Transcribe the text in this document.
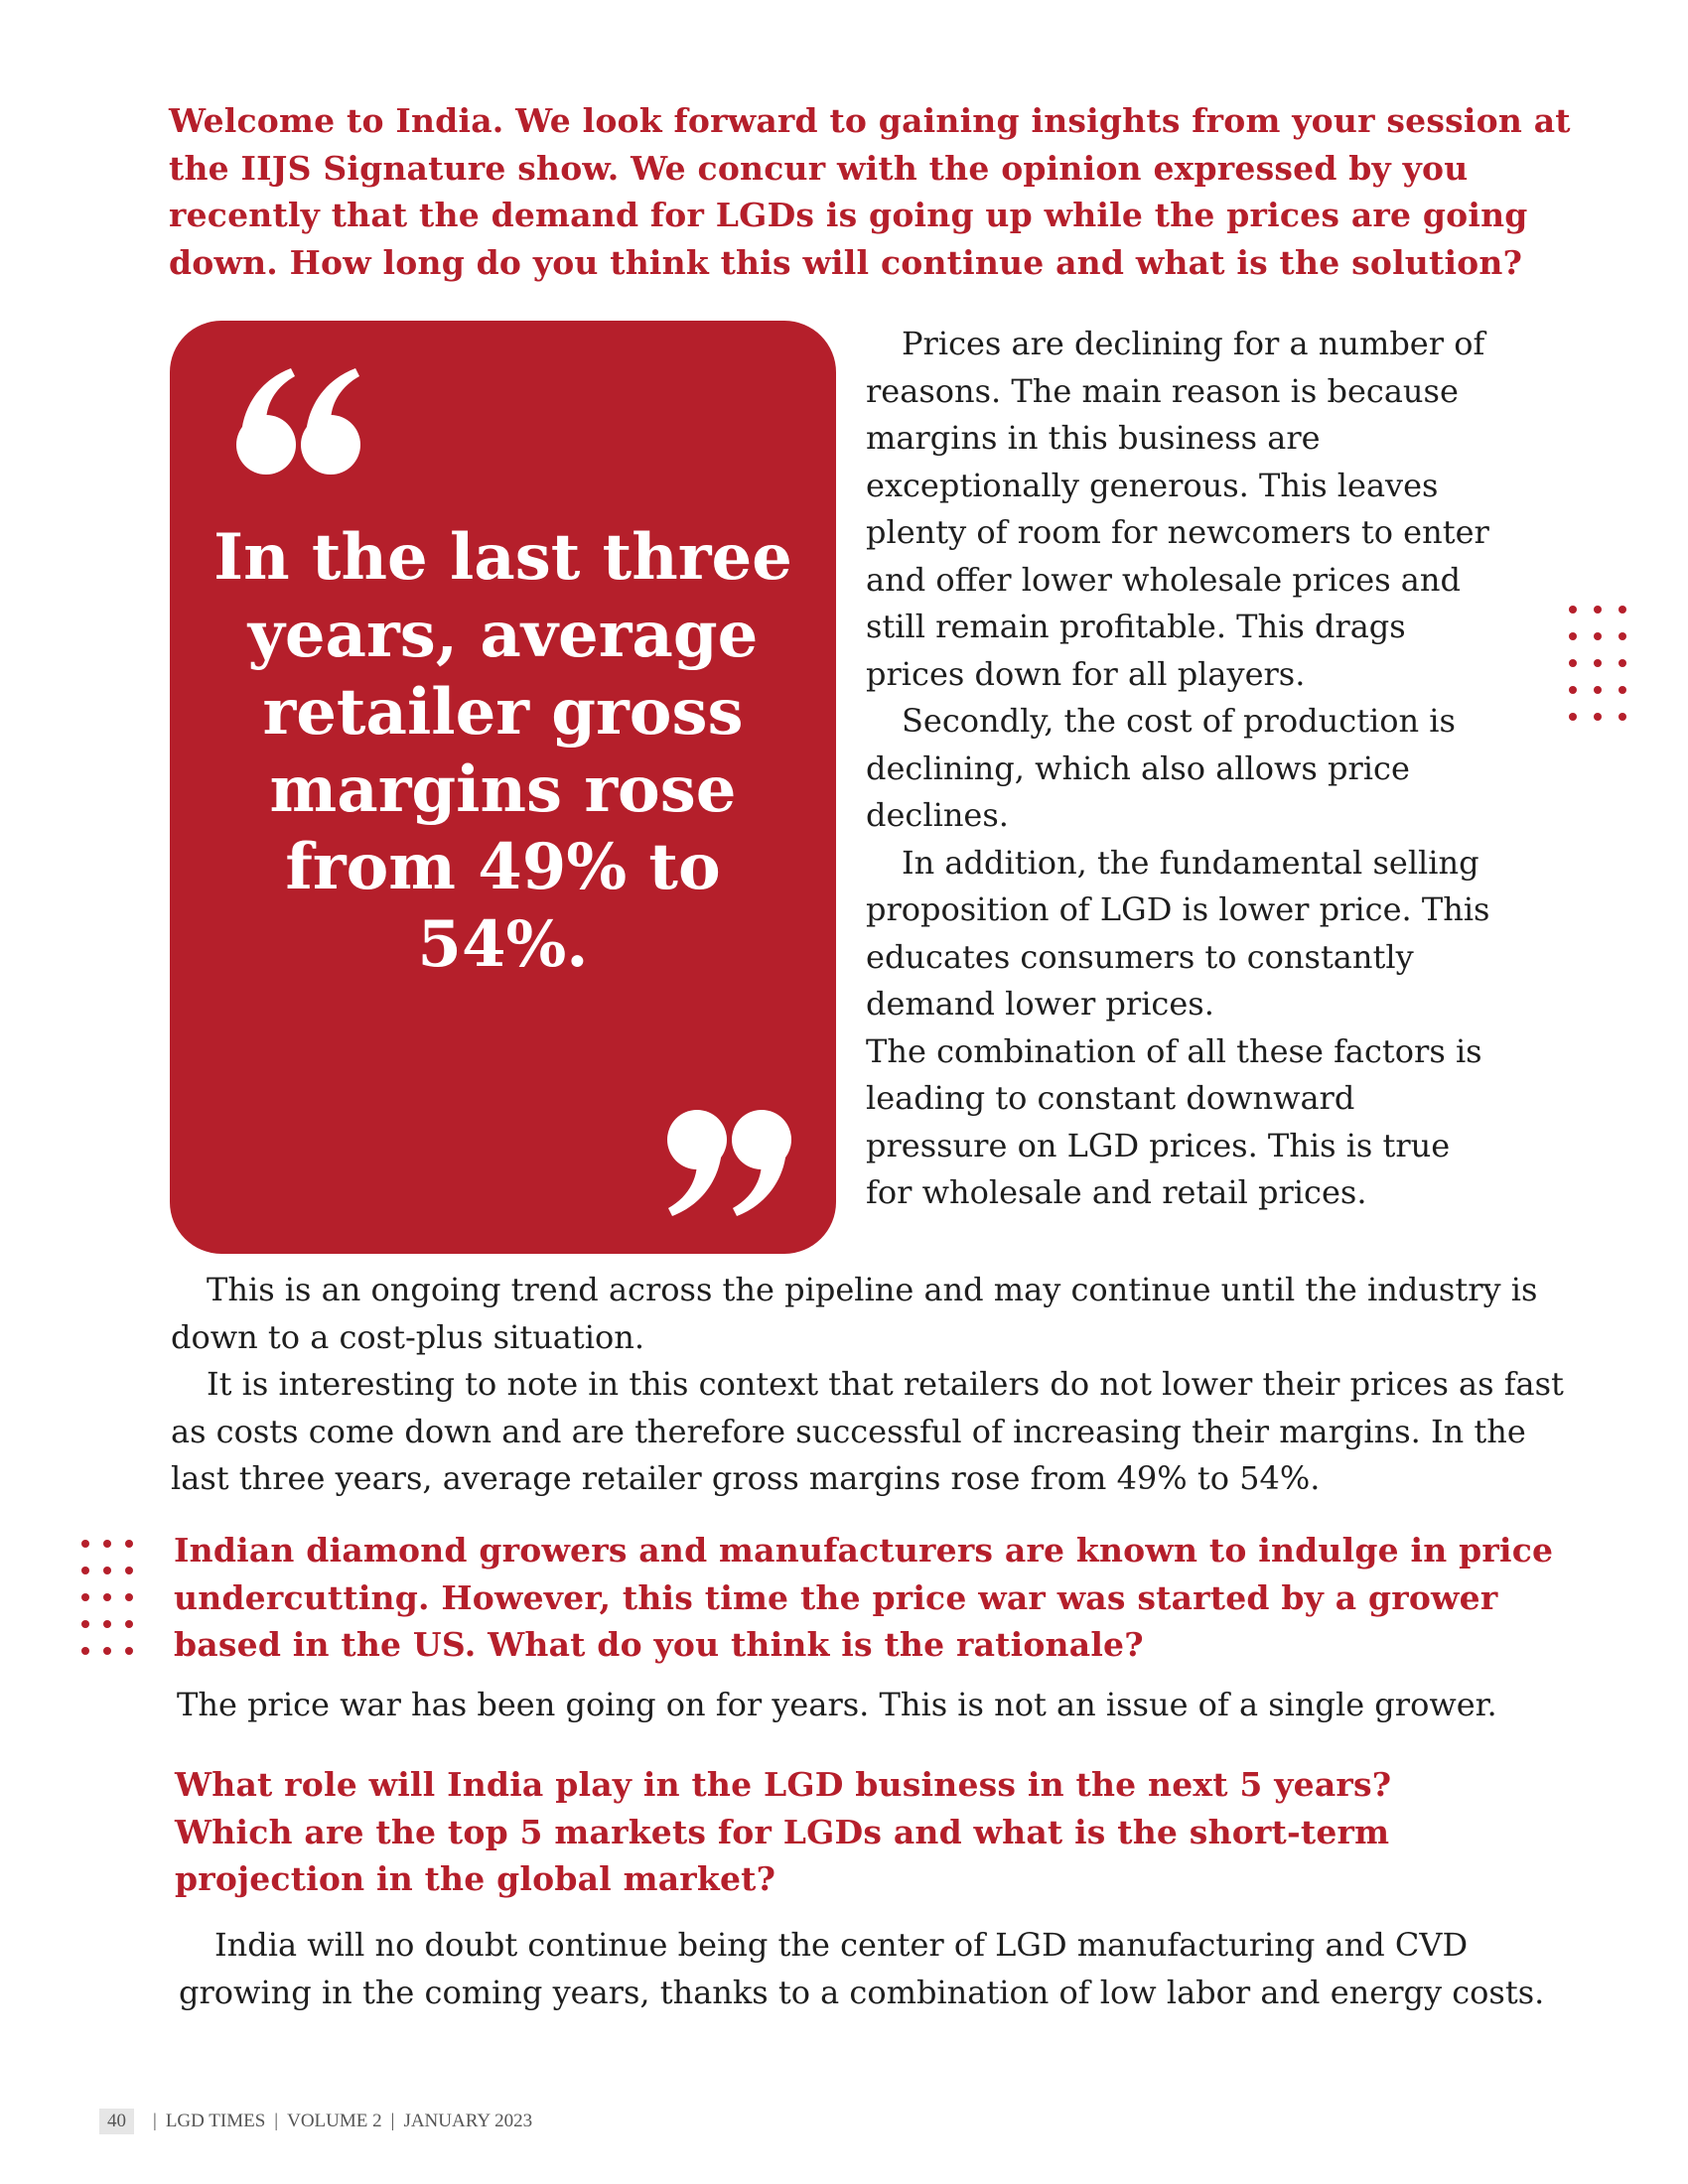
Welcome to India. We look forward to gaining insights from your session at the IIJS Signature show. We concur with the opinion expressed by you recently that the demand for LGDs is going up while the prices are going down. How long do you think this will continue and what is the solution?

In the last three years, average retailer gross margins rose from 49% to 54%.

Prices are declining for a number of reasons. The main reason is because margins in this business are exceptionally generous. This leaves plenty of room for newcomers to enter and offer lower wholesale prices and still remain profitable. This drags prices down for all players.

Secondly, the cost of production is declining, which also allows price declines.

In addition, the fundamental selling proposition of LGD is lower price. This educates consumers to constantly demand lower prices.

The combination of all these factors is leading to constant downward pressure on LGD prices. This is true for wholesale and retail prices.

This is an ongoing trend across the pipeline and may continue until the industry is down to a cost-plus situation.

It is interesting to note in this context that retailers do not lower their prices as fast as costs come down and are therefore successful of increasing their margins. In the last three years, average retailer gross margins rose from 49% to 54%.

Indian diamond growers and manufacturers are known to indulge in price undercutting. However, this time the price war was started by a grower based in the US. What do you think is the rationale?

The price war has been going on for years. This is not an issue of a single grower.

What role will India play in the LGD business in the next 5 years?
Which are the top 5 markets for LGDs and what is the short-term projection in the global market?

India will no doubt continue being the center of LGD manufacturing and CVD growing in the coming years, thanks to a combination of low labor and energy costs.

40	| LGD TIMES | VOLUME 2 | JANUARY 2023
